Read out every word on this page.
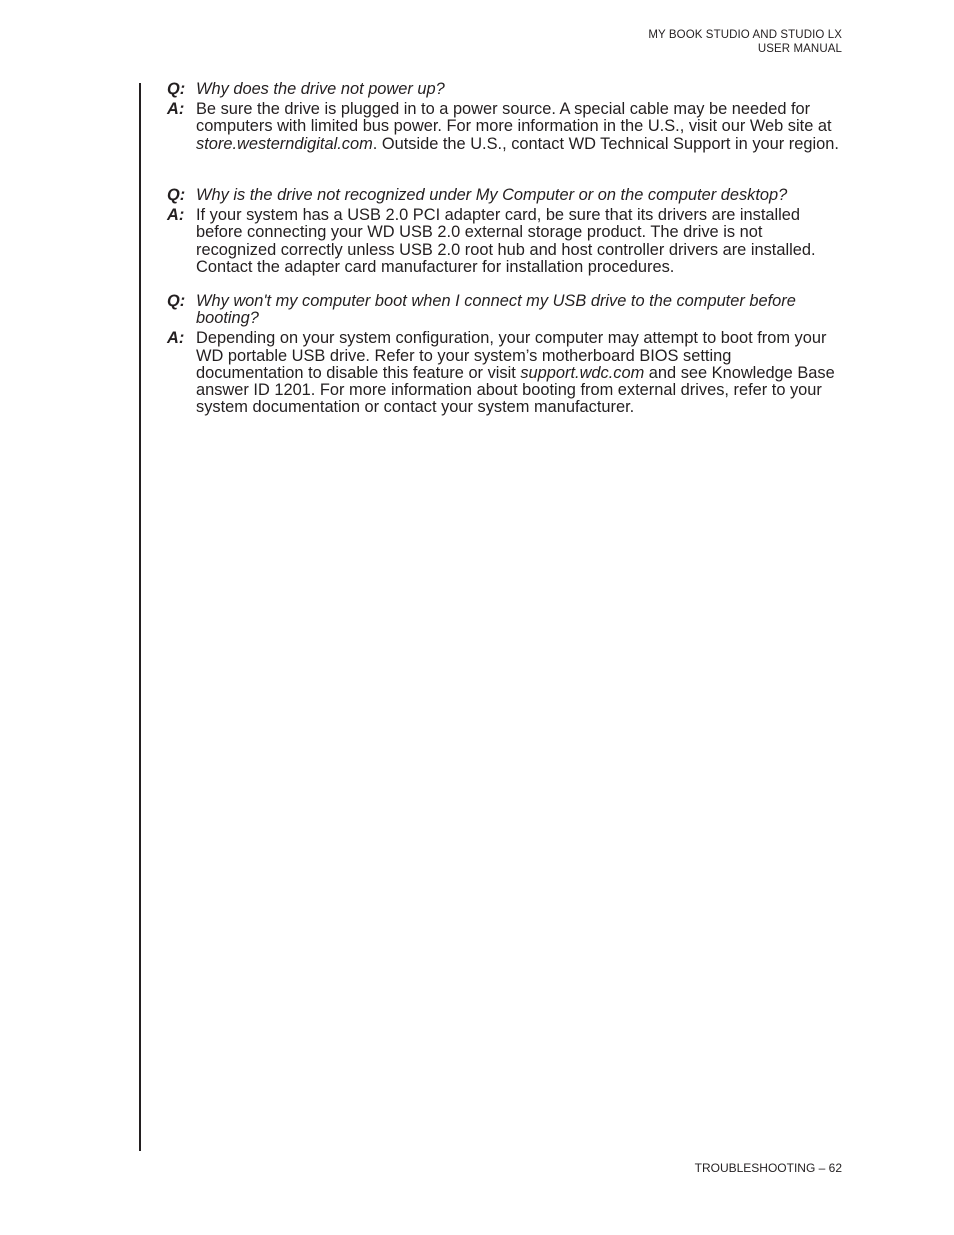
MY BOOK STUDIO AND STUDIO LX
USER MANUAL
Q: Why does the drive not power up?
A: Be sure the drive is plugged in to a power source. A special cable may be needed for computers with limited bus power. For more information in the U.S., visit our Web site at store.westerndigital.com. Outside the U.S., contact WD Technical Support in your region.
Q: Why is the drive not recognized under My Computer or on the computer desktop?
A: If your system has a USB 2.0 PCI adapter card, be sure that its drivers are installed before connecting your WD USB 2.0 external storage product. The drive is not recognized correctly unless USB 2.0 root hub and host controller drivers are installed. Contact the adapter card manufacturer for installation procedures.
Q: Why won't my computer boot when I connect my USB drive to the computer before booting?
A: Depending on your system configuration, your computer may attempt to boot from your WD portable USB drive. Refer to your system’s motherboard BIOS setting documentation to disable this feature or visit support.wdc.com and see Knowledge Base answer ID 1201. For more information about booting from external drives, refer to your system documentation or contact your system manufacturer.
TROUBLESHOOTING – 62
